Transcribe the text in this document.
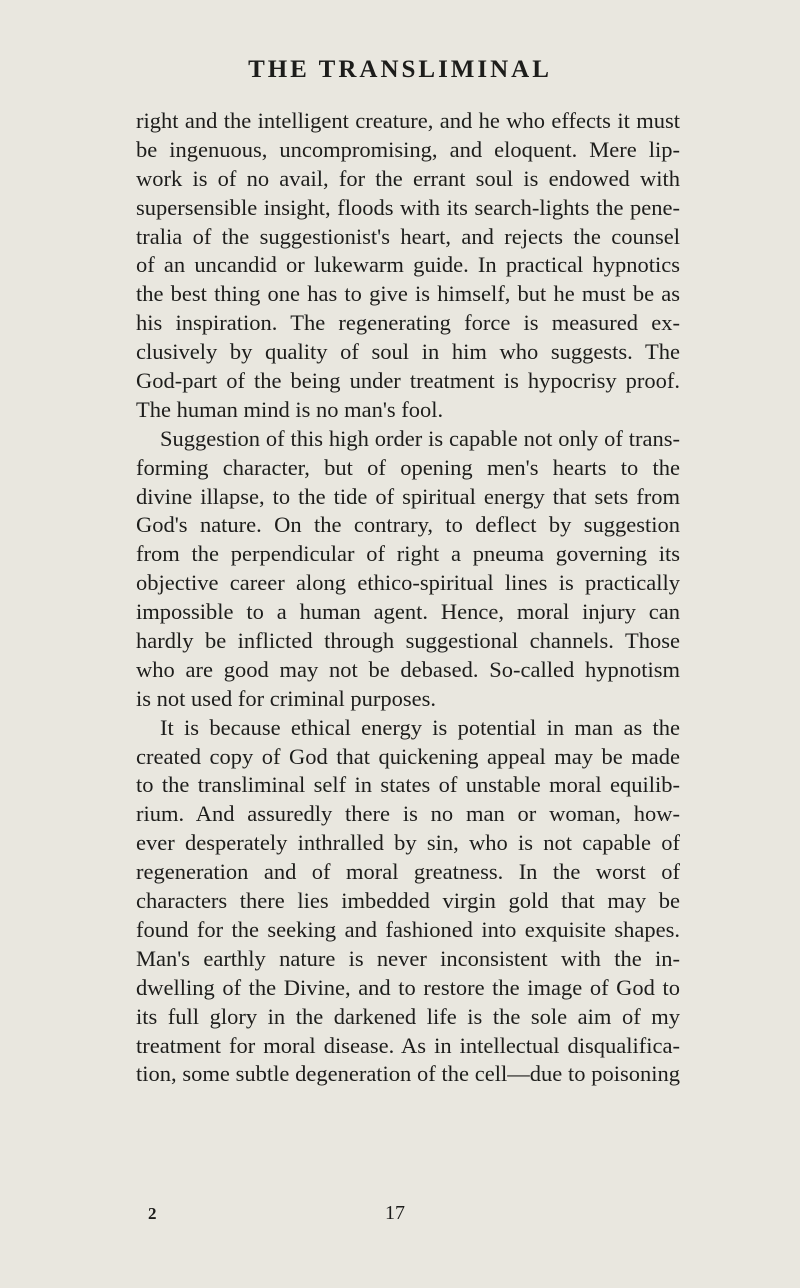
THE TRANSLIMINAL
right and the intelligent creature, and he who effects it must
be ingenuous, uncompromising, and eloquent. Mere lip-
work is of no avail, for the errant soul is endowed with
supersensible insight, floods with its search-lights the pene-
tralia of the suggestionist's heart, and rejects the counsel
of an uncandid or lukewarm guide. In practical hypnotics
the best thing one has to give is himself, but he must be as
his inspiration. The regenerating force is measured ex-
clusively by quality of soul in him who suggests. The
God-part of the being under treatment is hypocrisy proof.
The human mind is no man's fool.
Suggestion of this high order is capable not only of trans-
forming character, but of opening men's hearts to the
divine illapse, to the tide of spiritual energy that sets from
God's nature. On the contrary, to deflect by suggestion
from the perpendicular of right a pneuma governing its
objective career along ethico-spiritual lines is practically
impossible to a human agent. Hence, moral injury can
hardly be inflicted through suggestional channels. Those
who are good may not be debased. So-called hypnotism
is not used for criminal purposes.
It is because ethical energy is potential in man as the
created copy of God that quickening appeal may be made
to the transliminal self in states of unstable moral equilib-
rium. And assuredly there is no man or woman, how-
ever desperately inthralled by sin, who is not capable of
regeneration and of moral greatness. In the worst of
characters there lies imbedded virgin gold that may be
found for the seeking and fashioned into exquisite shapes.
Man's earthly nature is never inconsistent with the in-
dwelling of the Divine, and to restore the image of God to
its full glory in the darkened life is the sole aim of my
treatment for moral disease. As in intellectual disqualifica-
tion, some subtle degeneration of the cell—due to poisoning
2	17
